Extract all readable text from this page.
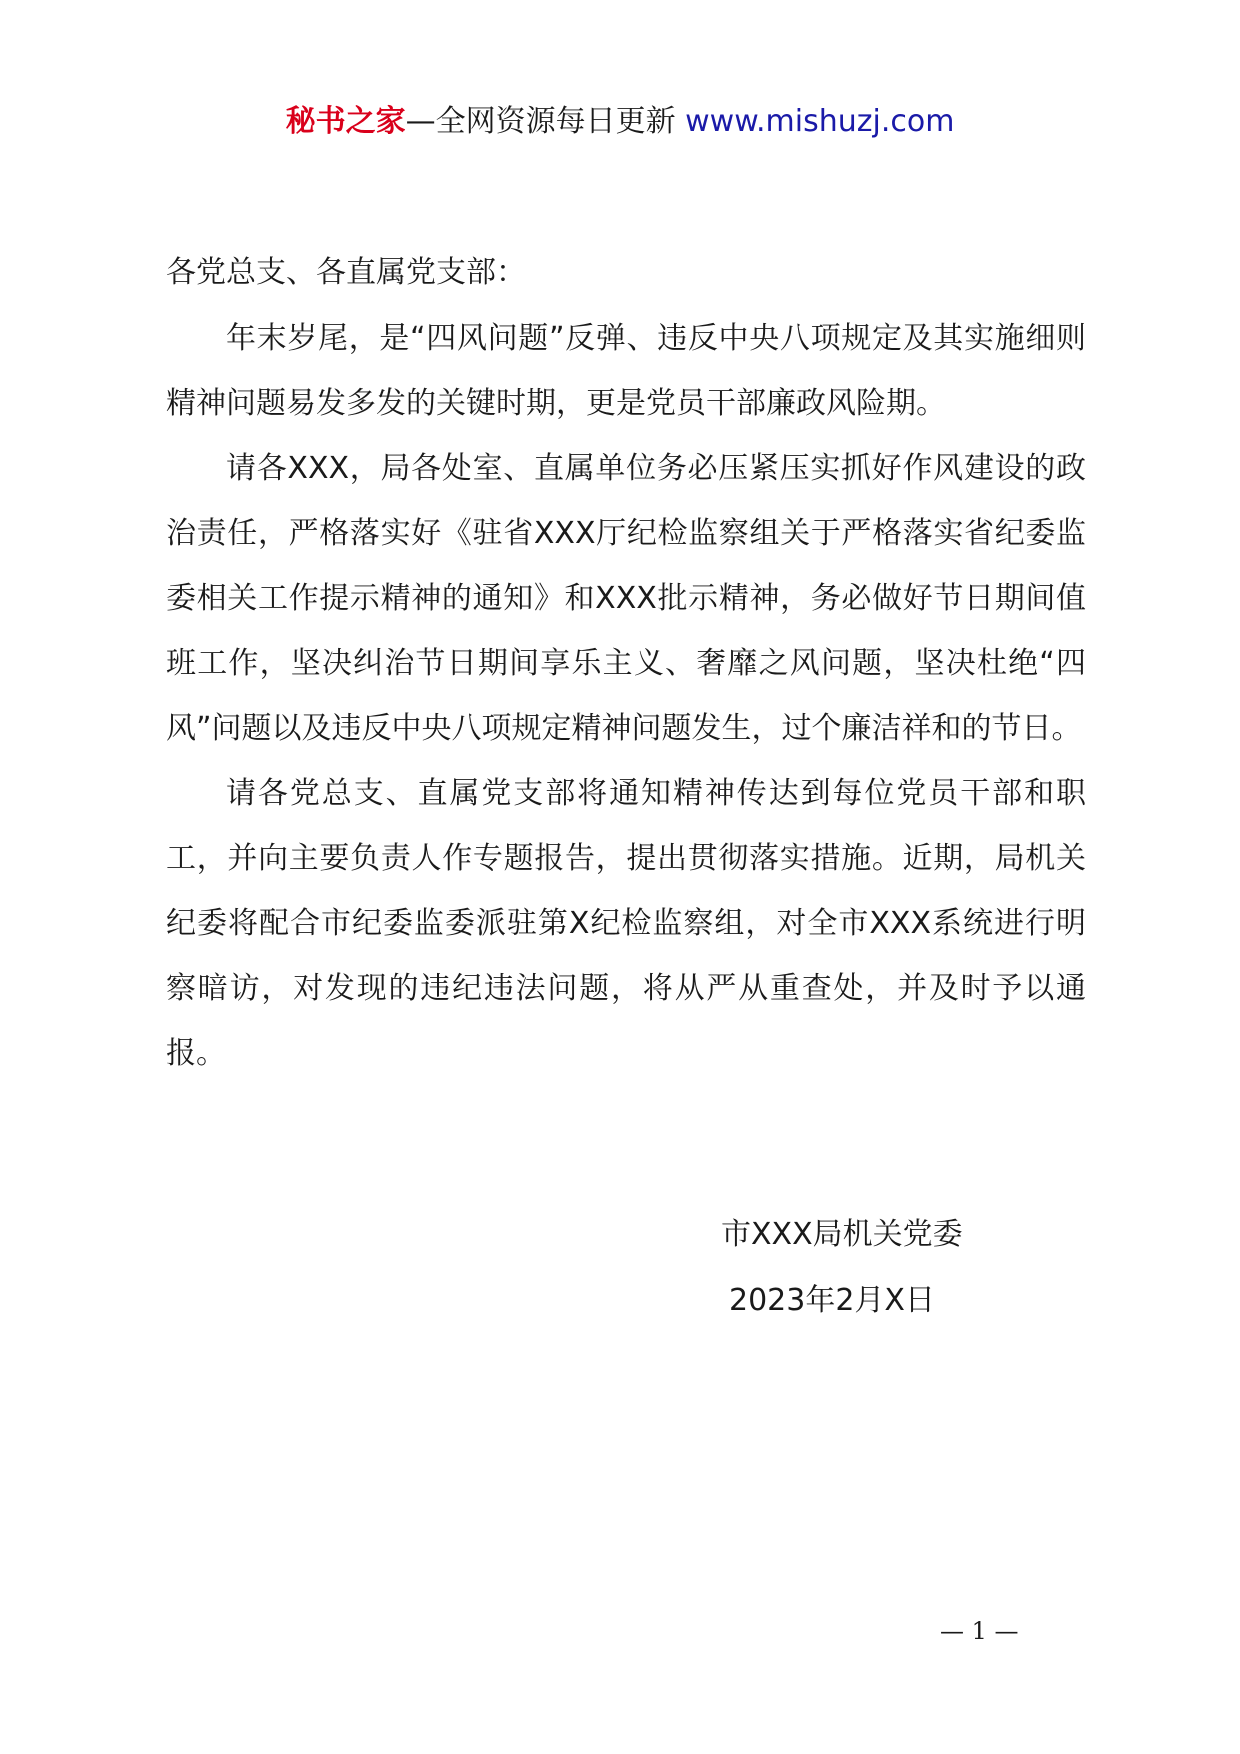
秘书之家—全网资源每日更新 www.mishuzj.com

各党总支、各直属党支部：

年末岁尾，是“四风问题”反弹、违反中央八项规定及其实施细则精神问题易发多发的关键时期，更是党员干部廉政风险期。

请各XXX，局各处室、直属单位务必压紧压实抓好作风建设的政治责任，严格落实好《驻省XXX厅纪检监察组关于严格落实省纪委监委相关工作提示精神的通知》和XXX批示精神，务必做好节日期间值班工作，坚决纠治节日期间享乐主义、奢靡之风问题，坚决杜绝“四风”问题以及违反中央八项规定精神问题发生，过个廉洁祥和的节日。

请各党总支、直属党支部将通知精神传达到每位党员干部和职工，并向主要负责人作专题报告，提出贯彻落实措施。近期，局机关纪委将配合市纪委监委派驻第X纪检监察组，对全市XXX系统进行明察暗访，对发现的违纪违法问题，将从严从重查处，并及时予以通报。

市XXX局机关党委
2023年2月X日
— 1 —
